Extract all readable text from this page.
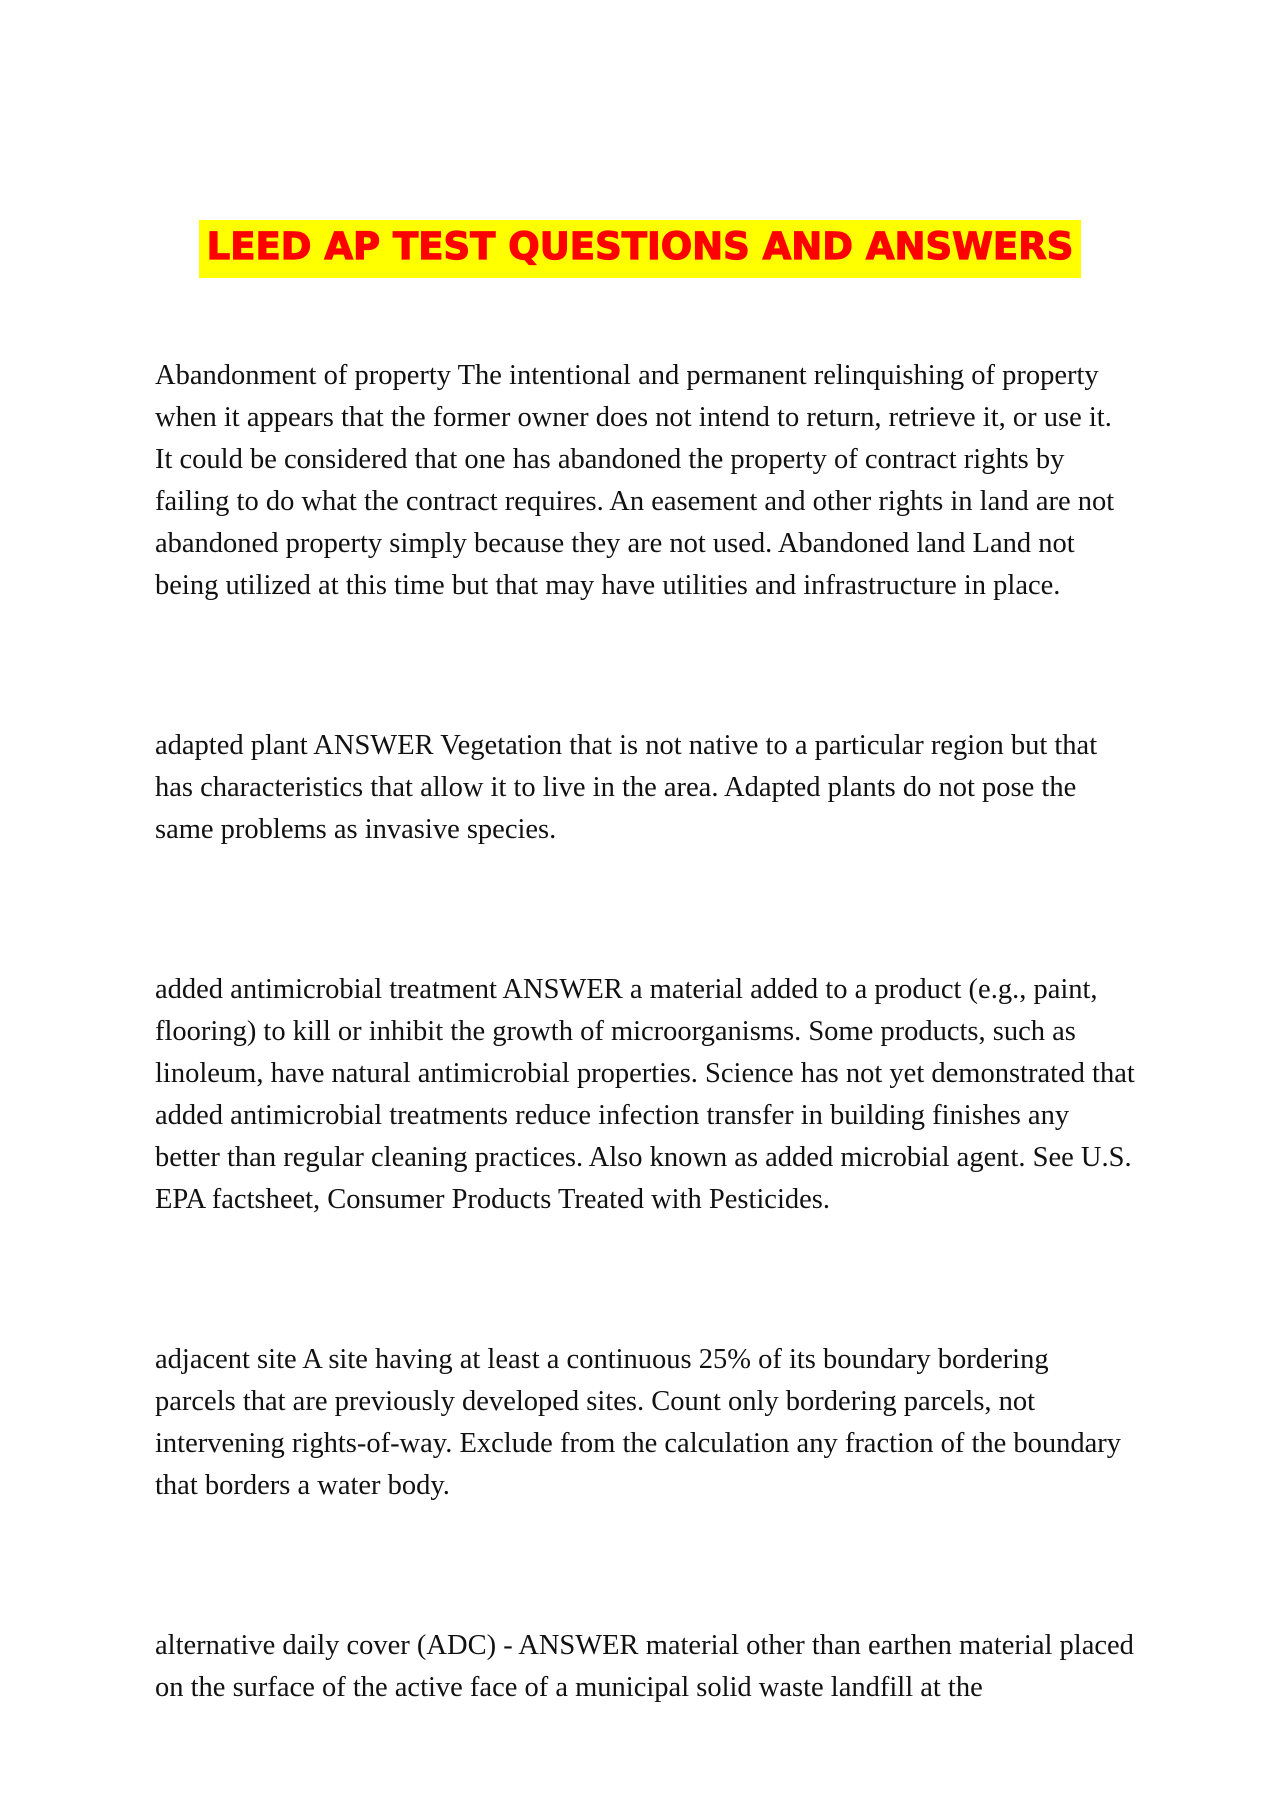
LEED AP TEST QUESTIONS AND ANSWERS

Abandonment of property The intentional and permanent relinquishing of property when it appears that the former owner does not intend to return, retrieve it, or use it. It could be considered that one has abandoned the property of contract rights by failing to do what the contract requires. An easement and other rights in land are not abandoned property simply because they are not used. Abandoned land Land not being utilized at this time but that may have utilities and infrastructure in place.

adapted plant ANSWER Vegetation that is not native to a particular region but that has characteristics that allow it to live in the area. Adapted plants do not pose the same problems as invasive species.

added antimicrobial treatment ANSWER a material added to a product (e.g., paint, flooring) to kill or inhibit the growth of microorganisms. Some products, such as linoleum, have natural antimicrobial properties. Science has not yet demonstrated that added antimicrobial treatments reduce infection transfer in building finishes any better than regular cleaning practices. Also known as added microbial agent. See U.S. EPA factsheet, Consumer Products Treated with Pesticides.

adjacent site A site having at least a continuous 25% of its boundary bordering parcels that are previously developed sites. Count only bordering parcels, not intervening rights-of-way. Exclude from the calculation any fraction of the boundary that borders a water body.

alternative daily cover (ADC) - ANSWER material other than earthen material placed on the surface of the active face of a municipal solid waste landfill at the
